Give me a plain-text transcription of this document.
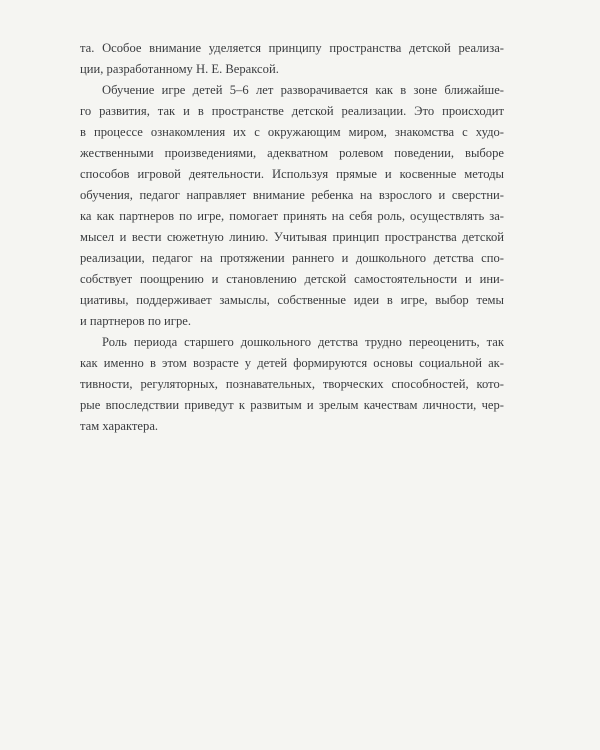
та. Особое внимание уделяется принципу пространства детской реализа-
ции, разработанному Н. Е. Вераксой.
Обучение игре детей 5–6 лет разворачивается как в зоне ближайше-
го развития, так и в пространстве детской реализации. Это происходит
в процессе ознакомления их с окружающим миром, знакомства с худо-
жественными произведениями, адекватном ролевом поведении, выборе
способов игровой деятельности. Используя прямые и косвенные методы
обучения, педагог направляет внимание ребенка на взрослого и сверстни-
ка как партнеров по игре, помогает принять на себя роль, осуществлять за-
мысел и вести сюжетную линию. Учитывая принцип пространства детской
реализации, педагог на протяжении раннего и дошкольного детства спо-
собствует поощрению и становлению детской самостоятельности и ини-
циативы, поддерживает замыслы, собственные идеи в игре, выбор темы
и партнеров по игре.
Роль периода старшего дошкольного детства трудно переоценить, так
как именно в этом возрасте у детей формируются основы социальной ак-
тивности, регуляторных, познавательных, творческих способностей, кото-
рые впоследствии приведут к развитым и зрелым качествам личности, чер-
там характера.
